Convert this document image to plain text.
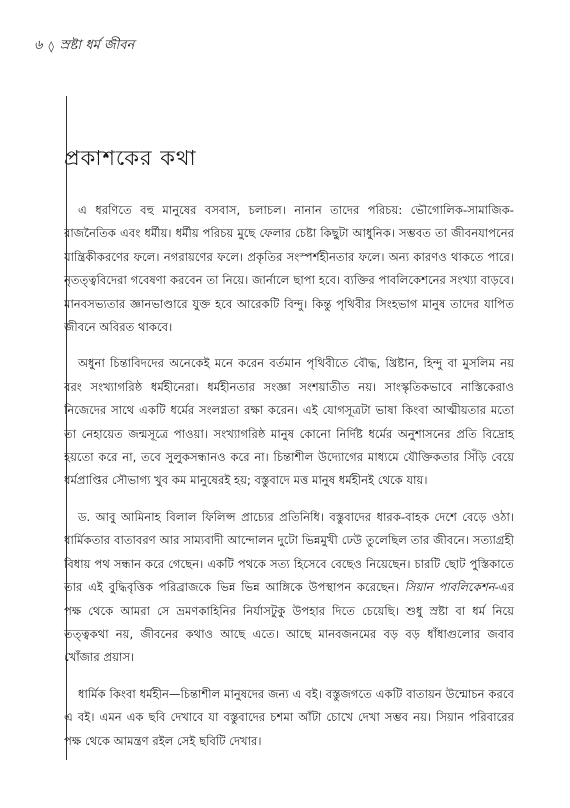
৬ ◊ স্রষ্টা ধর্ম জীবন
প্রকাশকের কথা

এ ধরণিতে বহু মানুষের বসবাস, চলাচল। নানান তাদের পরিচয়: ভৌগোলিক-সামাজিক-রাজনৈতিক এবং ধর্মীয়। ধর্মীয় পরিচয় মুছে ফেলার চেষ্টা কিছুটা আধুনিক। সম্ভবত তা জীবনযাপনের যান্ত্রিকীকরণের ফলে। নগরায়ণের ফলে। প্রকৃতির সংস্পর্শহীনতার ফলে। অন্য কারণও থাকতে পারে। নৃতত্ত্ববিদেরা গবেষণা করবেন তা নিয়ে। জার্নালে ছাপা হবে। ব্যক্তির পাবলিকেশনের সংখ্যা বাড়বে। মানবসভ্যতার জ্ঞানভাণ্ডারে যুক্ত হবে আরেকটি বিন্দু। কিন্তু পৃথিবীর সিংহভাগ মানুষ তাদের যাপিত জীবনে অবিরত থাকবে।

অধুনা চিন্তাবিদদের অনেকেই মনে করেন বর্তমান পৃথিবীতে বৌদ্ধ, খ্রিষ্টান, হিন্দু বা মুসলিম নয় বরং সংখ্যাগরিষ্ঠ ধর্মহীনেরা। ধর্মহীনতার সংজ্ঞা সংশয়াতীত নয়। সাংস্কৃতিকভাবে নাস্তিকেরাও নিজেদের সাথে একটি ধর্মের সংলগ্নতা রক্ষা করেন। এই যোগসূত্রটা ভাষা কিংবা আত্মীয়তার মতো তা নেহায়েত জন্মসূত্রে পাওয়া। সংখ্যাগরিষ্ঠ মানুষ কোনো নির্দিষ্ট ধর্মের অনুশাসনের প্রতি বিদ্রোহ হয়তো করে না, তবে সুলুকসন্ধানও করে না। চিন্তাশীল উদ্যোগের মাধ্যমে যৌক্তিকতার সিঁড়ি বেয়ে ধর্মপ্রাপ্তির সৌভাগ্য খুব কম মানুষেরই হয়; বস্তুবাদে মত্ত মানুষ ধর্মহীনই থেকে যায়।

ড. আবু আমিনাহ বিলাল ফিলিপ্স প্রাচ্যের প্রতিনিধি। বস্তুবাদের ধারক-বাহক দেশে বেড়ে ওঠা। ধার্মিকতার বাতাবরণ আর সাম্যবাদী আন্দোলন দুটো ভিন্নমুখী ঢেউ তুলেছিল তার জীবনে। সত্যাগ্রহী বিধায় পথ সন্ধান করে গেছেন। একটি পথকে সত্য হিসেবে বেছেও নিয়েছেন। চারটি ছোট পুস্তিকাতে তার এই বুদ্ধিবৃত্তিক পরিব্রাজকে ভিন্ন ভিন্ন আঙ্গিকে উপস্থাপন করেছেন। সিয়ান পাবলিকেশন-এর পক্ষ থেকে আমরা সে ভ্রমণকাহিনির নির্যাসটুকু উপহার দিতে চেয়েছি। শুধু স্রষ্টা বা ধর্ম নিয়ে তত্ত্বকথা নয়, জীবনের কথাও আছে এতে। আছে মানবজনমের বড় বড় ধাঁধাগুলোর জবাব খোঁজার প্রয়াস।

ধার্মিক কিংবা ধর্মহীন—চিন্তাশীল মানুষদের জন্য এ বই। বস্তুজগতে একটি বাতায়ন উন্মোচন করবে এ বই। এমন এক ছবি দেখাবে যা বস্তুবাদের চশমা আঁটা চোখে দেখা সম্ভব নয়। সিয়ান পরিবারের পক্ষ থেকে আমন্ত্রণ রইল সেই ছবিটি দেখার।
